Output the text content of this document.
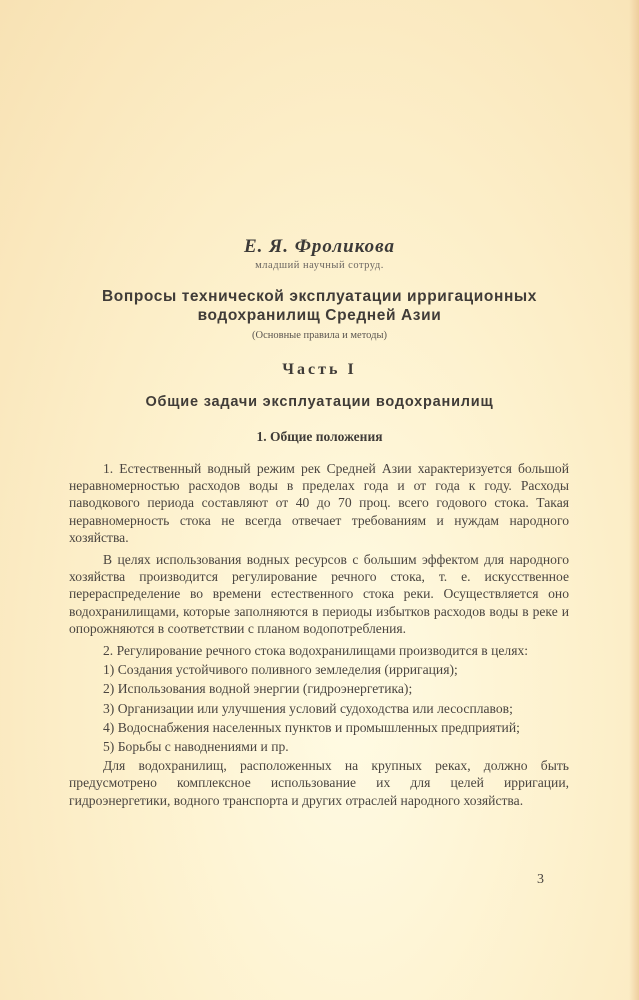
Е. Я. Фроликова
младший научный сотруд.
Вопросы технической эксплуатации ирригационных
водохранилищ Средней Азии
(Основные правила и методы)
Часть I
Общие задачи эксплуатации водохранилищ
1. Общие положения

1. Естественный водный режим рек Средней Азии характеризуется большой неравномерностью расходов воды в пределах года и от года к году. Расходы паводкового периода составляют от 40 до 70 проц. всего годового стока. Такая неравномерность стока не всегда отвечает требованиям и нуждам народного хозяйства.

В целях использования водных ресурсов с большим эффектом для народного хозяйства производится регулирование речного стока, т. е. искусственное перераспределение во времени естественного стока реки. Осуществляется оно водохранилищами, которые заполняются в периоды избытков расходов воды в реке и опорожняются в соответствии с планом водопотребления.

2. Регулирование речного стока водохранилищами производится в целях:

1) Создания устойчивого поливного земледелия (ирригация);

2) Использования водной энергии (гидроэнергетика);

3) Организации или улучшения условий судоходства или лесосплавов;

4) Водоснабжения населенных пунктов и промышленных предприятий;

5) Борьбы с наводнениями и пр.

Для водохранилищ, расположенных на крупных реках, должно быть предусмотрено комплексное использование их для целей ирригации, гидроэнергетики, водного транспорта и других отраслей народного хозяйства.

3
